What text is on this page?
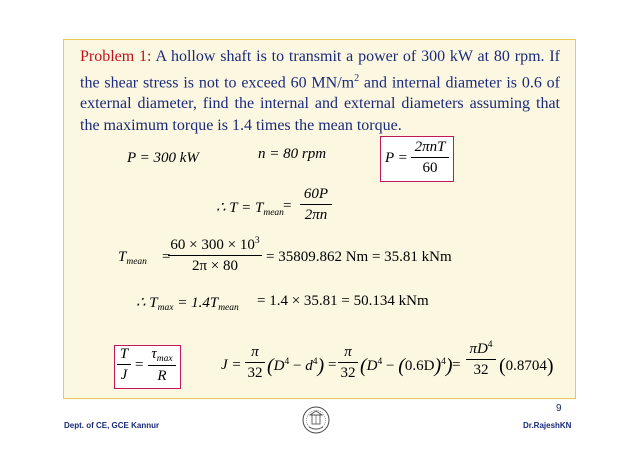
Problem 1: A hollow shaft is to transmit a power of 300 kW at 80 rpm. If the shear stress is not to exceed 60 $MN/m^2$ and internal diameter is 0.6 of external diameter, find the internal and external diameters assuming that the maximum torque is 1.4 times the mean torque.
P = 300 kW	n = 80 rpm	P =
2πnT
60
∴ $T = T_{mean}$ =
60P
2πn
$T_{mean}$ =
$60 \times 300 \times 10^3$
2π × 80
= 35809.862 Nm = 35.81 kNm
∴ $T_{max} = 1.4T_{mean} = 1.4 \times 35.81 = 50.134$ kNm
T
J
=
$\tau_{max}$
R
J =
π
32 $(D^4 - d^4)$ =
π
32 $(D^4 - (0.6D)^4)$ =
$\pi D^4$
32 (0.8704)
9
Dept. of CE, GCE Kannur	Dr.RajeshKN
